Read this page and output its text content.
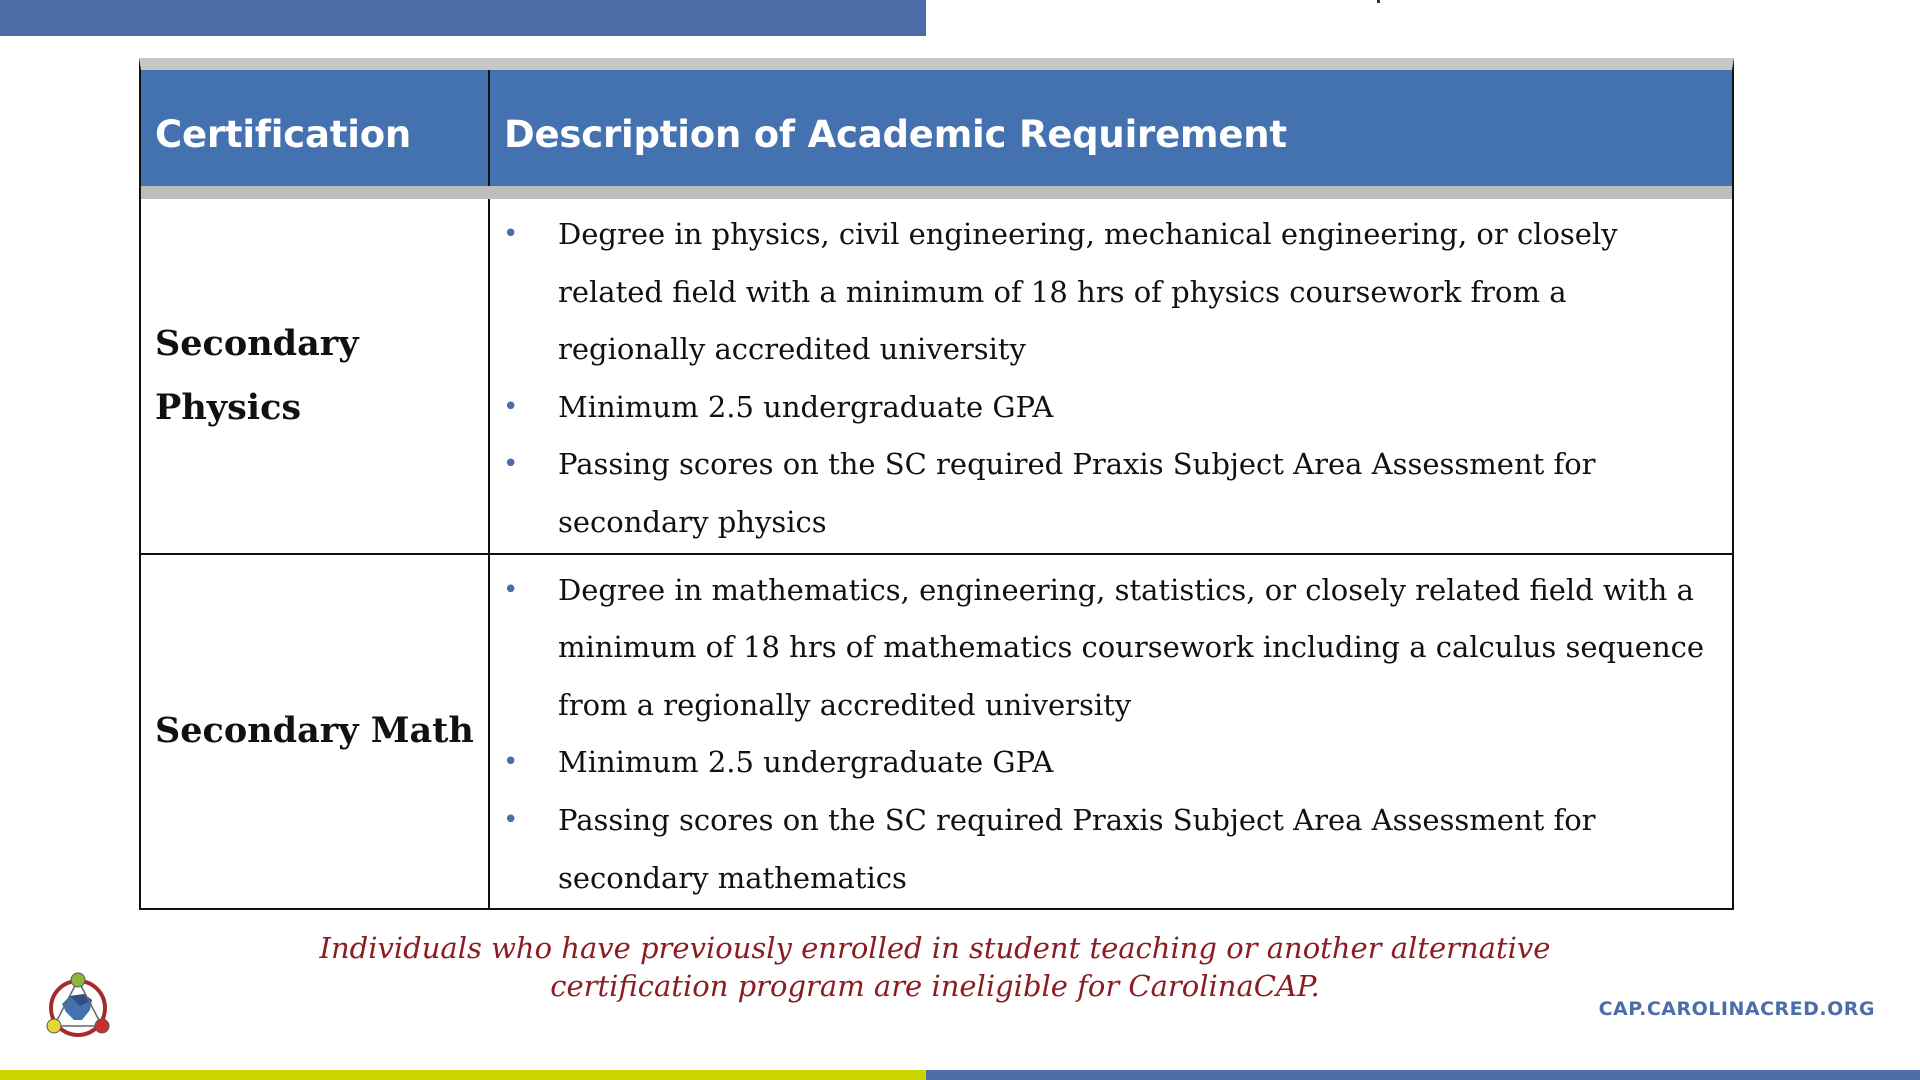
Certification	Description of Academic Requirement
Secondary
Physics
• Degree in physics, civil engineering, mechanical engineering, or closely related field with a minimum of 18 hrs of physics coursework from a regionally accredited university
• Minimum 2.5 undergraduate GPA
• Passing scores on the SC required Praxis Subject Area Assessment for secondary physics
Secondary Math
• Degree in mathematics, engineering, statistics, or closely related field with a minimum of 18 hrs of mathematics coursework including a calculus sequence from a regionally accredited university
• Minimum 2.5 undergraduate GPA
• Passing scores on the SC required Praxis Subject Area Assessment for secondary mathematics
Individuals who have previously enrolled in student teaching or another alternative
certification program are ineligible for CarolinaCAP.
CAP.CAROLINACRED.ORG
